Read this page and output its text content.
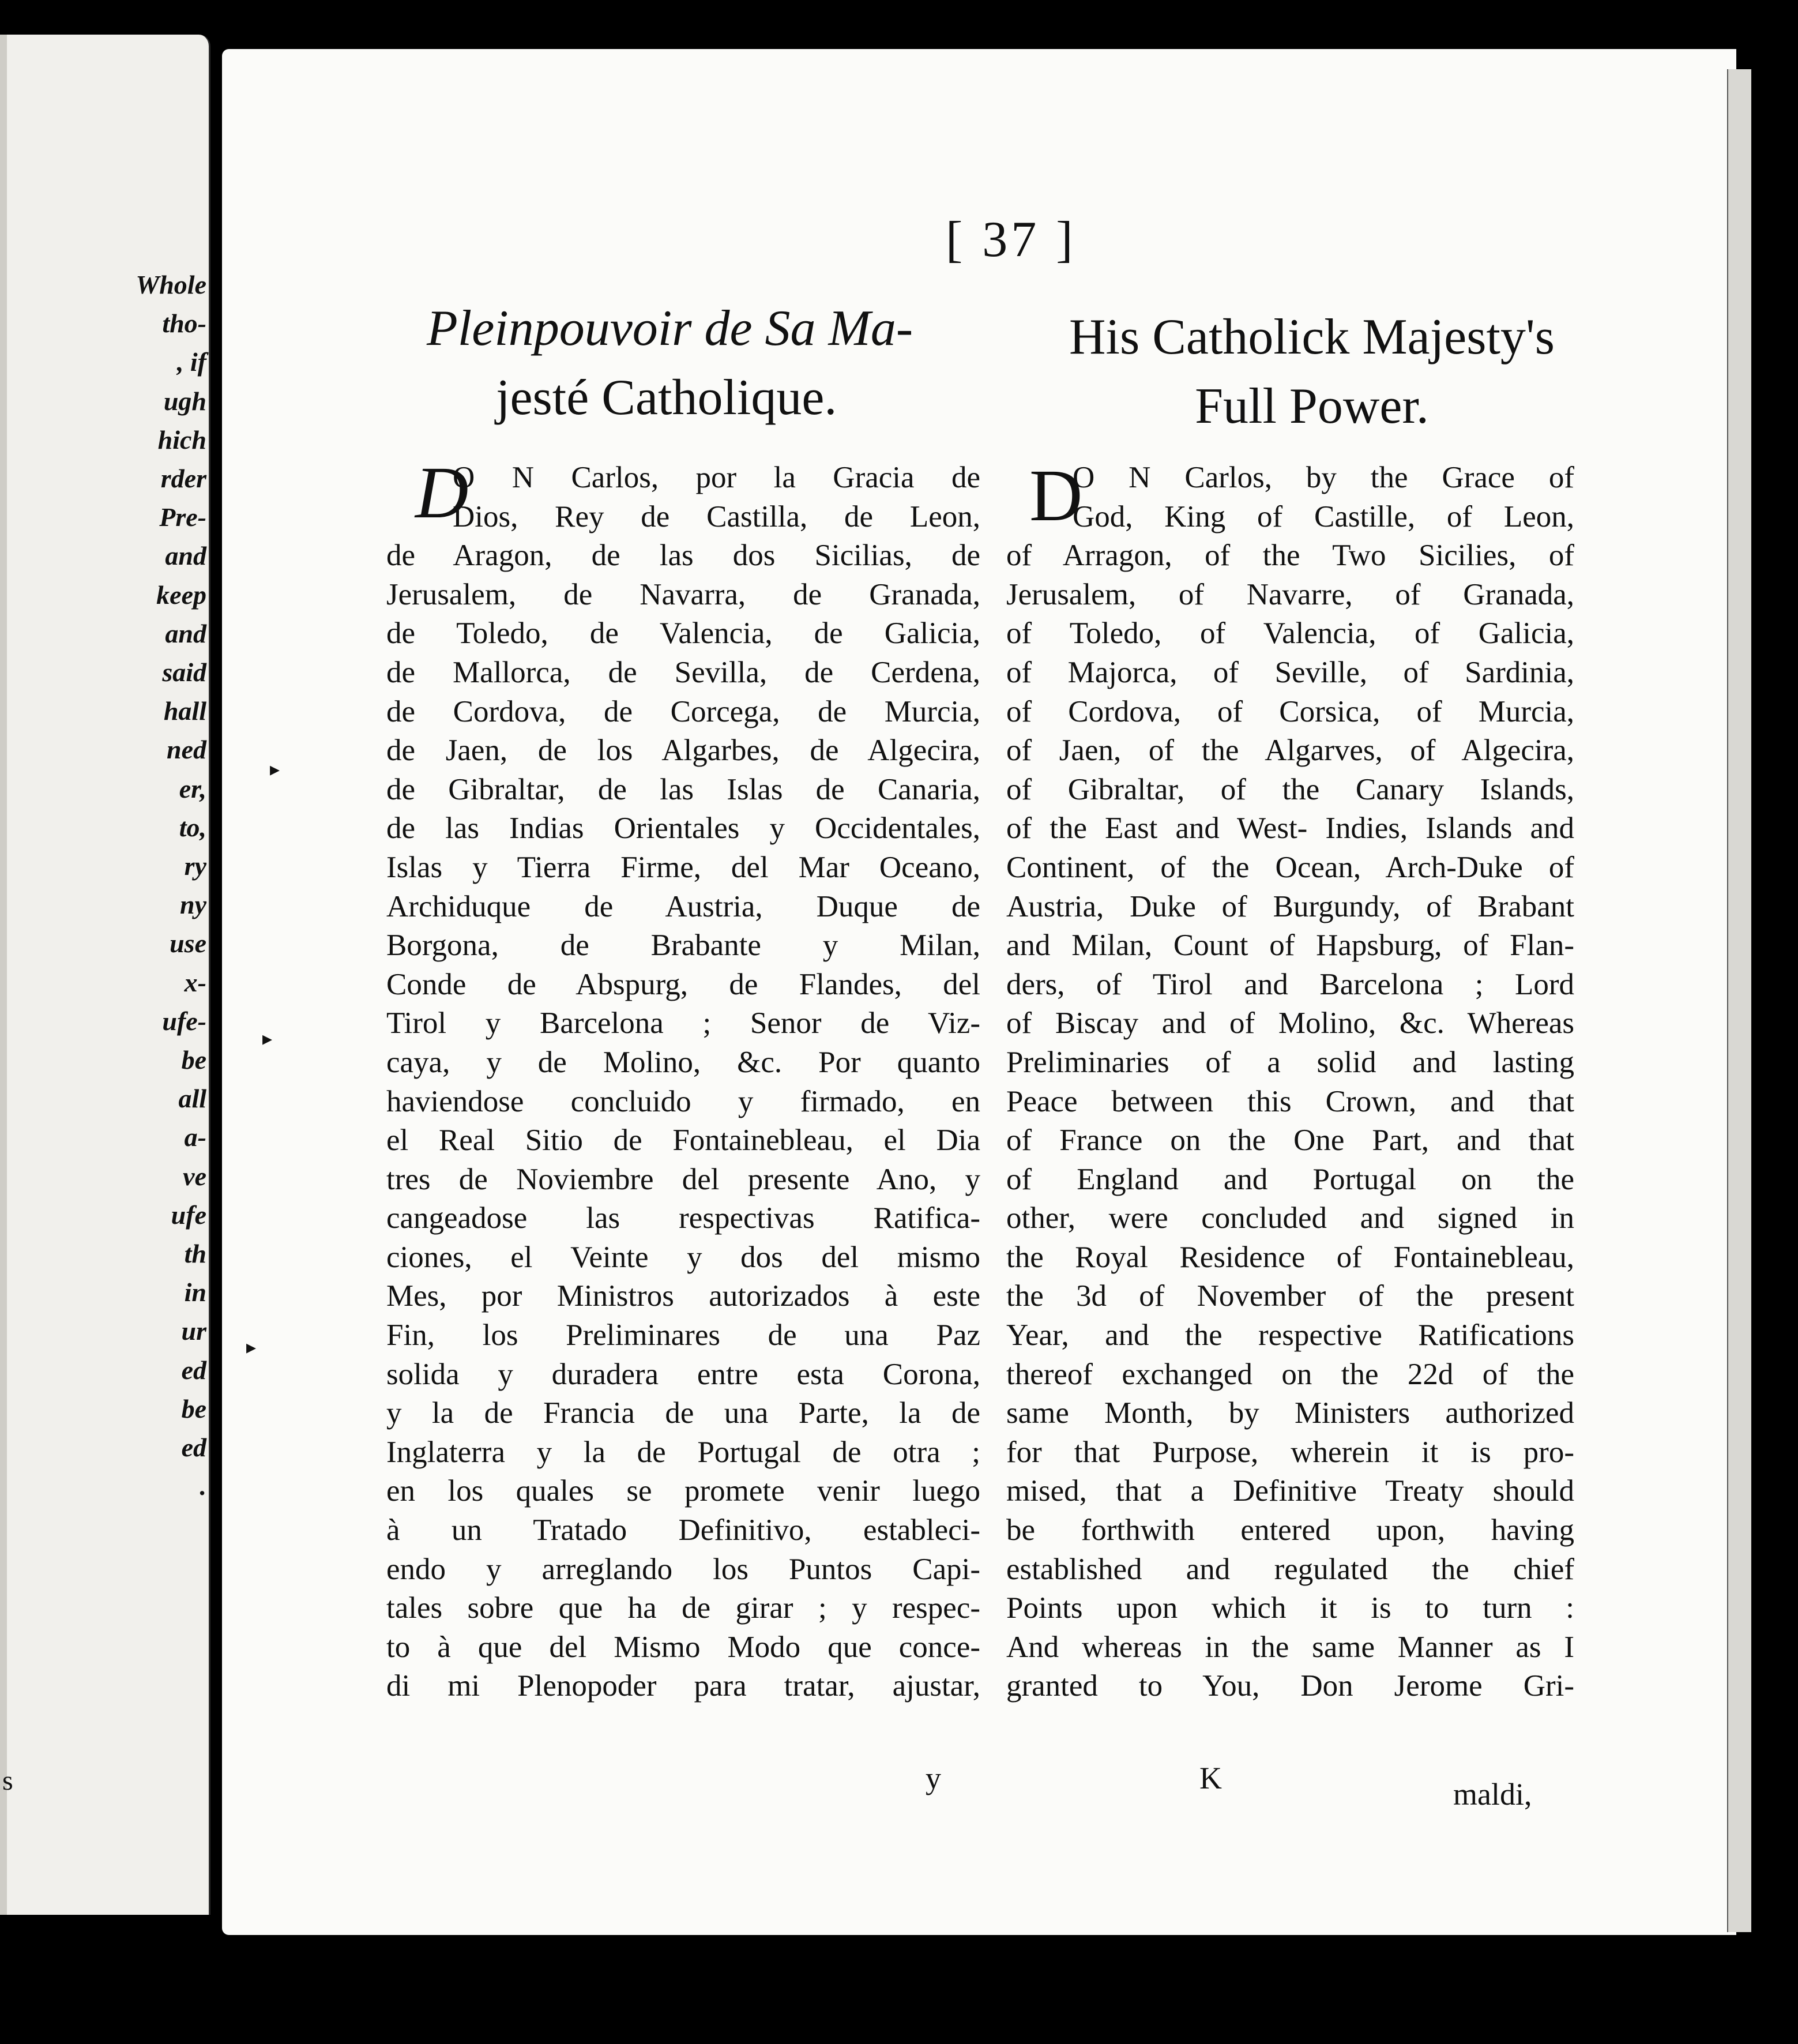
Whole
tho-
, if
ugh
hich
rder
Pre-
and
keep
and
said
hall
ned
er,
to,
ry
ny
use
x-
ufe-
be
all
a-
ve
ufe
th
in
ur
ed
be
ed
.
s
▸
▸
▸
[ 37 ]
Pleinpouvoir de Sa Ma-
jesté Catholique.
His Catholick Majesty's
Full Power.
D
O N Carlos, por la Gracia de
Dios, Rey de Castilla, de Leon,
de Aragon, de las dos Sicilias, de
Jerusalem, de Navarra, de Granada,
de Toledo, de Valencia, de Galicia,
de Mallorca, de Sevilla, de Cerdena,
de Cordova, de Corcega, de Murcia,
de Jaen, de los Algarbes, de Algecira,
de Gibraltar, de las Islas de Canaria,
de las Indias Orientales y Occidentales,
Islas y Tierra Firme, del Mar Oceano,
Archiduque de Austria, Duque de
Borgona, de Brabante y Milan,
Conde de Abspurg, de Flandes, del
Tirol y Barcelona ; Senor de Viz-
caya, y de Molino, &c. Por quanto
haviendose concluido y firmado, en
el Real Sitio de Fontainebleau, el Dia
tres de Noviembre del presente Ano, y
cangeadose las respectivas Ratifica-
ciones, el Veinte y dos del mismo
Mes, por Ministros autorizados à este
Fin, los Preliminares de una Paz
solida y duradera entre esta Corona,
y la de Francia de una Parte, la de
Inglaterra y la de Portugal de otra ;
en los quales se promete venir luego
à un Tratado Definitivo, estableci-
endo y arreglando los Puntos Capi-
tales sobre que ha de girar ; y respec-
to à que del Mismo Modo que conce-
di mi Plenopoder para tratar, ajustar,
y
D
O N Carlos, by the Grace of
God, King of Castille, of Leon,
of Arragon, of the Two Sicilies, of
Jerusalem, of Navarre, of Granada,
of Toledo, of Valencia, of Galicia,
of Majorca, of Seville, of Sardinia,
of Cordova, of Corsica, of Murcia,
of Jaen, of the Algarves, of Algecira,
of Gibraltar, of the Canary Islands,
of the East and West- Indies, Islands and
Continent, of the Ocean, Arch-Duke of
Austria, Duke of Burgundy, of Brabant
and Milan, Count of Hapsburg, of Flan-
ders, of Tirol and Barcelona ; Lord
of Biscay and of Molino, &c. Whereas
Preliminaries of a solid and lasting
Peace between this Crown, and that
of France on the One Part, and that
of England and Portugal on the
other, were concluded and signed in
the Royal Residence of Fontainebleau,
the 3d of November of the present
Year, and the respective Ratifications
thereof exchanged on the 22d of the
same Month, by Ministers authorized
for that Purpose, wherein it is pro-
mised, that a Definitive Treaty should
be forthwith entered upon, having
established and regulated the chief
Points upon which it is to turn :
And whereas in the same Manner as I
granted to You, Don Jerome Gri-
K	maldi,
